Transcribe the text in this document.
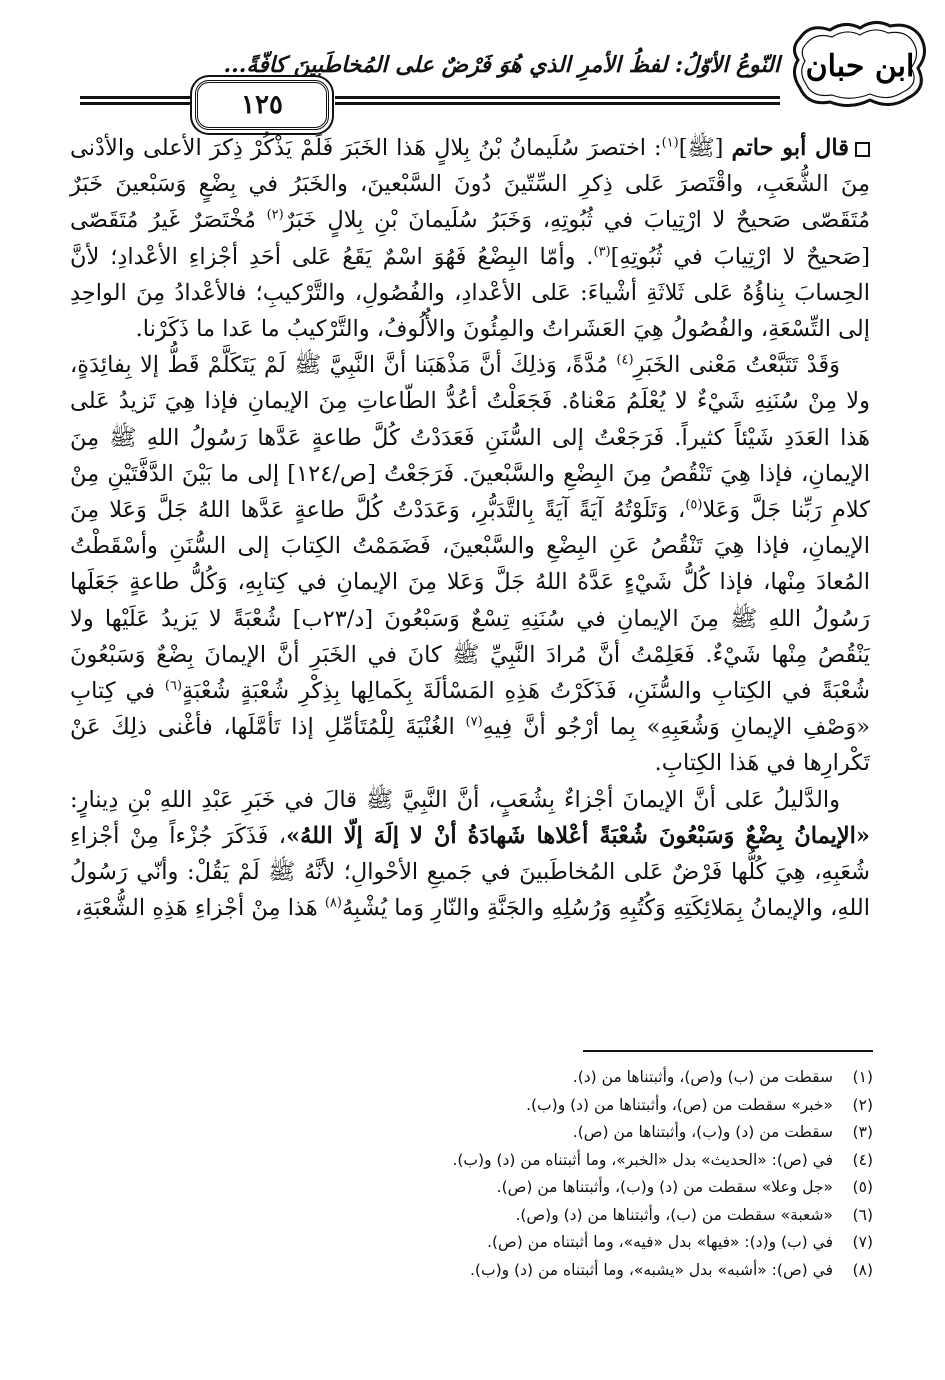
ابن حبان
النّوعُ الأوّلُ: لفظُ الأمرِ الذي هُوَ فَرْضٌ على المُخاطَبينَ كافّةً...
١٢٥

قال أبو حاتم [ﷺ]$^{(١)}$: اختصرَ سُلَيمانُ بْنُ بِلالٍ هَذا الخَبَرَ فَلَمْ يَذْكُرْ ذِكرَ الأعلى والأدْنى مِنَ الشُّعَبِ، واقْتَصرَ عَلى ذِكرِ السِّتّينَ دُونَ السَّبْعينَ، والخَبَرُ في بِضْعٍ وَسَبْعينَ خَبَرٌ مُتَقَصّى صَحيحٌ لا ارْتِيابَ في ثُبُوتِهِ، وَخَبَرُ سُلَيمانَ بْنِ بِلالٍ خَبَرٌ$^{(٢)}$ مُخْتَصَرٌ غَيرُ مُتَقَصّى [صَحيحٌ لا ارْتِيابَ في ثُبُوتِهِ]$^{(٣)}$. وأمّا البِضْعُ فَهُوَ اسْمٌ يَقَعُ عَلى أحَدِ أجْزاءِ الأعْدادِ؛ لأنَّ الحِسابَ بِناؤُهُ عَلى ثَلاثَةِ أشْياءَ: عَلى الأعْدادِ، والفُصُولِ، والتَّرْكيبِ؛ فالأعْدادُ مِنَ الواحِدِ إلى التِّسْعَةِ، والفُصُولُ هِيَ العَشَراتُ والمِئُونَ والأُلُوفُ، والتَّرْكيبُ ما عَدا ما ذَكَرْنا.

وَقَدْ تَتَبَّعْتُ مَعْنى الخَبَرِ$^{(٤)}$ مُدَّةً، وَذلِكَ أنَّ مَذْهَبَنا أنَّ النَّبِيَّ ﷺ لَمْ يَتَكَلَّمْ قَطُّ إلا بِفائِدَةٍ، ولا مِنْ سُنَنِهِ شَيْءٌ لا يُعْلَمُ مَعْناهُ. فَجَعَلْتُ أعُدُّ الطّاعاتِ مِنَ الإيمانِ فإذا هِيَ تَزيدُ عَلى هَذا العَدَدِ شَيْئاً كثيراً. فَرَجَعْتُ إلى السُّنَنِ فَعَدَدْتُ كُلَّ طاعةٍ عَدَّها رَسُولُ اللهِ ﷺ مِنَ الإيمانِ، فإذا هِيَ تَنْقُصُ مِنَ البِضْعِ والسَّبْعينَ. فَرَجَعْتُ [ص/١٢٤] إلى ما بَيْنَ الدَّفَّتَيْنِ مِنْ كلامِ رَبِّنا جَلَّ وَعَلا$^{(٥)}$، وَتَلَوْتُهُ آيَةً آيَةً بِالتَّدَبُّرِ، وَعَدَدْتُ كُلَّ طاعةٍ عَدَّها اللهُ جَلَّ وَعَلا مِنَ الإيمانِ، فإذا هِيَ تَنْقُصُ عَنِ البِضْعِ والسَّبْعينَ، فَضَمَمْتُ الكِتابَ إلى السُّنَنِ وأسْقَطْتُ المُعادَ مِنْها، فإذا كُلُّ شَيْءٍ عَدَّهُ اللهُ جَلَّ وَعَلا مِنَ الإيمانِ في كِتابِهِ، وَكُلُّ طاعةٍ جَعَلَها رَسُولُ اللهِ ﷺ مِنَ الإيمانِ في سُنَنِهِ تِسْعٌ وَسَبْعُونَ [د/٢٣ب] شُعْبَةً لا يَزيدُ عَلَيْها ولا يَنْقُصُ مِنْها شَيْءٌ. فَعَلِمْتُ أنَّ مُرادَ النَّبِيِّ ﷺ كانَ في الخَبَرِ أنَّ الإيمانَ بِضْعٌ وَسَبْعُونَ شُعْبَةً في الكِتابِ والسُّنَنِ، فَذَكَرْتُ هَذِهِ المَسْألَةَ بِكَمالِها بِذِكْرِ شُعْبَةٍ شُعْبَةٍ$^{(٦)}$ في كِتابِ «وَصْفِ الإيمانِ وَشُعَبِهِ» بِما أرْجُو أنَّ فِيهِ$^{(٧)}$ الغُنْيَةَ لِلْمُتَأمِّلِ إذا تَأمَّلَها، فأغْنى ذلِكَ عَنْ تَكْرارِها في هَذا الكِتابِ.

والدَّليلُ عَلى أنَّ الإيمانَ أجْزاءٌ بِشُعَبٍ، أنَّ النَّبِيَّ ﷺ قالَ في خَبَرِ عَبْدِ اللهِ بْنِ دِينارٍ: «الإيمانُ بِضْعٌ وَسَبْعُونَ شُعْبَةً أعْلاها شَهادَةُ أنْ لا إلَهَ إلّا اللهُ»، فَذَكَرَ جُزْءاً مِنْ أجْزاءِ شُعَبِهِ، هِيَ كُلُّها فَرْضٌ عَلى المُخاطَبينَ في جَميعِ الأحْوالِ؛ لأنَّهُ ﷺ لَمْ يَقُلْ: وأنّي رَسُولُ اللهِ، والإيمانُ بِمَلائِكَتِهِ وَكُتُبِهِ وَرُسُلِهِ والجَنَّةِ والنّارِ وَما يُشْبِهُ$^{(٨)}$ هَذا مِنْ أجْزاءِ هَذِهِ الشُّعْبَةِ،

(١)سقطت من (ب) و(ص)، وأثبتناها من (د).
(٢)«خبر» سقطت من (ص)، وأثبتناها من (د) و(ب).
(٣)سقطت من (د) و(ب)، وأثبتناها من (ص).
(٤)في (ص): «الحديث» بدل «الخبر»، وما أثبتناه من (د) و(ب).
(٥)«جل وعلا» سقطت من (د) و(ب)، وأثبتناها من (ص).
(٦)«شعبة» سقطت من (ب)، وأثبتناها من (د) و(ص).
(٧)في (ب) و(د): «فيها» بدل «فيه»، وما أثبتناه من (ص).
(٨)في (ص): «أشبه» بدل «يشبه»، وما أثبتناه من (د) و(ب).
